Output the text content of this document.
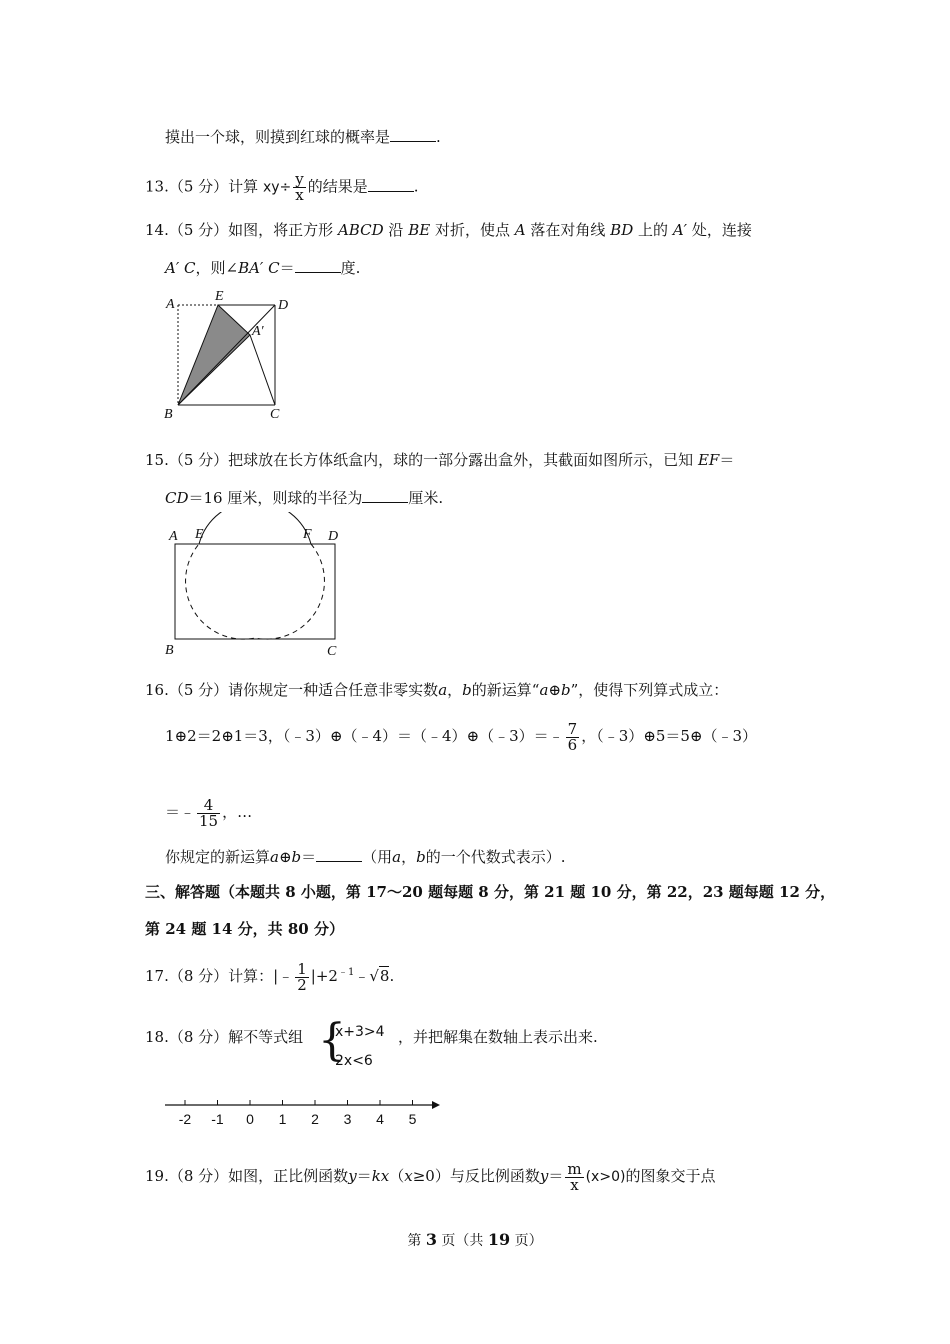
摸出一个球，则摸到红球的概率是	.
13.（5 分）计算 $xy\div \frac{y}{x}$ 的结果是	.
14.（5 分）如图，将正方形 ABCD 沿 BE 对折，使点 A 落在对角线 BD 上的 A′ 处，连接
A′ C，则∠BA′ C＝	度.
A
E
D
A′
B	C
15.（5 分）把球放在长方体纸盒内，球的一部分露出盒外，其截面如图所示，已知 EF＝
CD＝16 厘米，则球的半径为	厘米.
A E	F D
B	C
16.（5 分）请你规定一种适合任意非零实数a，b的新运算“a⊕b”，使得下列算式成立：
1⊕2＝2⊕1＝3，（﹣3）⊕（﹣4）＝（﹣4）⊕（﹣3）＝﹣ $\frac{7}{6}$ ，（﹣3）⊕5＝5⊕（﹣3）
＝﹣ $\frac{4}{15}$ ，…
你规定的新运算a⊕b＝	（用a，b的一个代数式表示）.
三、解答题（本题共 8 小题，第 17～20 题每题 8 分，第 21 题 10 分，第 22，23 题每题 12 分，
第 24 题 14 分，共 80 分）
17.（8 分）计算：|﹣ $\frac{1}{2}$ $|+2^{﹣1}﹣√8$.
18.（8 分）解不等式组 {
x+3>4
2x<6
，并把解集在数轴上表示出来.
-2 -1 0 1 2 3 4 5
19.（8 分）如图，正比例函数y＝kx（x≥0）与反比例函数$y= \frac{m}{x} (x>0)$的图象交于点
第 3 页（共 19 页）
